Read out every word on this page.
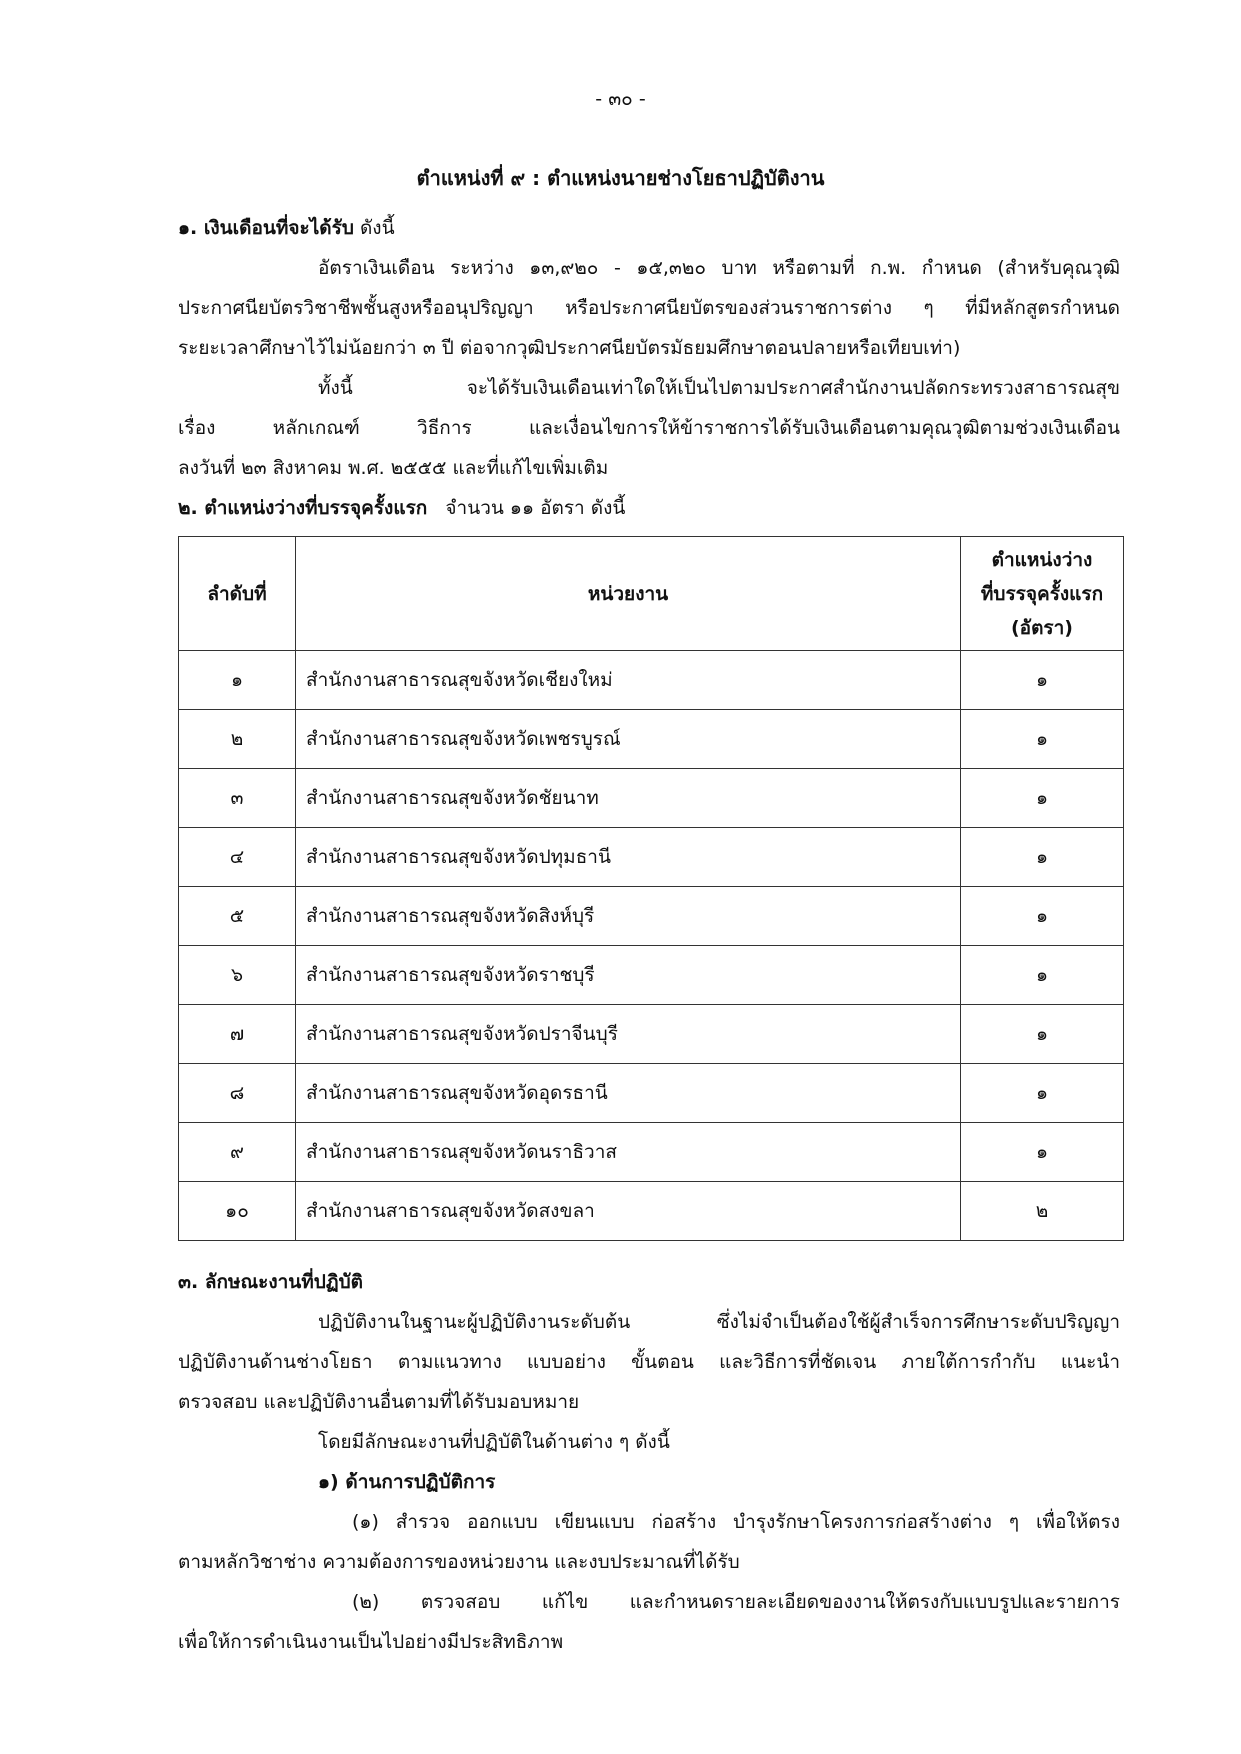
- ๓๐ -
ตำแหน่งที่ ๙ : ตำแหน่งนายช่างโยธาปฏิบัติงาน
๑. เงินเดือนที่จะได้รับ ดังนี้
อัตราเงินเดือน ระหว่าง ๑๓,๙๒๐ - ๑๕,๓๒๐ บาท หรือตามที่ ก.พ. กำหนด (สำหรับคุณวุฒิ
ประกาศนียบัตรวิชาชีพชั้นสูงหรืออนุปริญญา หรือประกาศนียบัตรของส่วนราชการต่าง ๆ ที่มีหลักสูตรกำหนด
ระยะเวลาศึกษาไว้ไม่น้อยกว่า ๓ ปี ต่อจากวุฒิประกาศนียบัตรมัธยมศึกษาตอนปลายหรือเทียบเท่า)
ทั้งนี้ จะได้รับเงินเดือนเท่าใดให้เป็นไปตามประกาศสำนักงานปลัดกระทรวงสาธารณสุข
เรื่อง หลักเกณฑ์ วิธีการ และเงื่อนไขการให้ข้าราชการได้รับเงินเดือนตามคุณวุฒิตามช่วงเงินเดือน
ลงวันที่ ๒๓ สิงหาคม พ.ศ. ๒๕๕๕ และที่แก้ไขเพิ่มเติม
๒. ตำแหน่งว่างที่บรรจุครั้งแรก จำนวน ๑๑ อัตรา ดังนี้
ลำดับที่	หน่วยงาน	ตำแหน่งว่าง
ที่บรรจุครั้งแรก
(อัตรา)

๑	สำนักงานสาธารณสุขจังหวัดเชียงใหม่	๑
๒	สำนักงานสาธารณสุขจังหวัดเพชรบูรณ์	๑
๓	สำนักงานสาธารณสุขจังหวัดชัยนาท	๑
๔	สำนักงานสาธารณสุขจังหวัดปทุมธานี	๑
๕	สำนักงานสาธารณสุขจังหวัดสิงห์บุรี	๑
๖	สำนักงานสาธารณสุขจังหวัดราชบุรี	๑
๗	สำนักงานสาธารณสุขจังหวัดปราจีนบุรี	๑
๘	สำนักงานสาธารณสุขจังหวัดอุดรธานี	๑
๙	สำนักงานสาธารณสุขจังหวัดนราธิวาส	๑
๑๐	สำนักงานสาธารณสุขจังหวัดสงขลา	๒
๓. ลักษณะงานที่ปฏิบัติ
ปฏิบัติงานในฐานะผู้ปฏิบัติงานระดับต้น ซึ่งไม่จำเป็นต้องใช้ผู้สำเร็จการศึกษาระดับปริญญา
ปฏิบัติงานด้านช่างโยธา ตามแนวทาง แบบอย่าง ขั้นตอน และวิธีการที่ชัดเจน ภายใต้การกำกับ แนะนำ
ตรวจสอบ และปฏิบัติงานอื่นตามที่ได้รับมอบหมาย
โดยมีลักษณะงานที่ปฏิบัติในด้านต่าง ๆ ดังนี้
๑) ด้านการปฏิบัติการ
(๑) สำรวจ ออกแบบ เขียนแบบ ก่อสร้าง บำรุงรักษาโครงการก่อสร้างต่าง ๆ เพื่อให้ตรง
ตามหลักวิชาช่าง ความต้องการของหน่วยงาน และงบประมาณที่ได้รับ
(๒) ตรวจสอบ แก้ไข และกำหนดรายละเอียดของงานให้ตรงกับแบบรูปและรายการ
เพื่อให้การดำเนินงานเป็นไปอย่างมีประสิทธิภาพ
